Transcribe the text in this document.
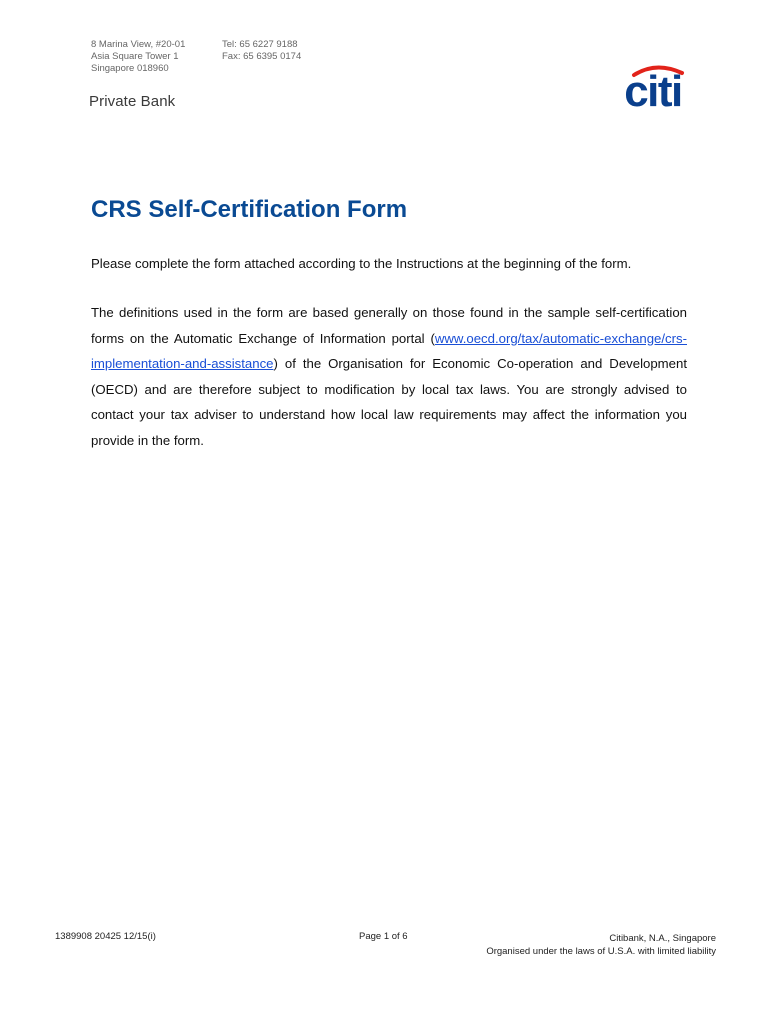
8 Marina View, #20-01
Asia Square Tower 1
Singapore 018960
Tel: 65 6227 9188
Fax: 65 6395 0174
Private Bank	citi
CRS Self-Certification Form
Please complete the form attached according to the Instructions at the beginning of the form.
The definitions used in the form are based generally on those found in the sample self-certification forms on the Automatic Exchange of Information portal (www.oecd.org/tax/automatic-exchange/crs-implementation-and-assistance) of the Organisation for Economic Co-operation and Development (OECD) and are therefore subject to modification by local tax laws. You are strongly advised to contact your tax adviser to understand how local law requirements may affect the information you provide in the form.
1389908 20425 12/15(i)	Page 1 of 6	Citibank, N.A., Singapore
Organised under the laws of U.S.A. with limited liability
